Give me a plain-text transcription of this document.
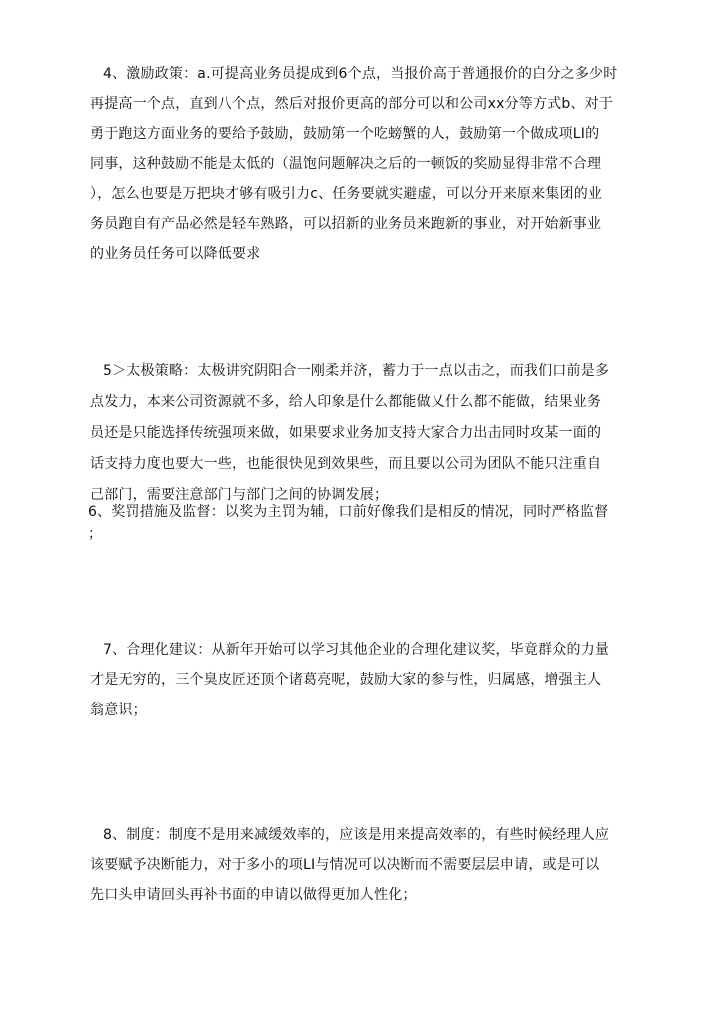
4、激励政策：a.可提高业务员提成到6个点，当报价高于普通报价的白分之多少时
再提高一个点，直到八个点，然后对报价更高的部分可以和公司xx分等方式b、对于
勇于跑这方面业务的要给予鼓励，鼓励第一个吃螃蟹的人，鼓励第一个做成项LI的
同事，这种鼓励不能是太低的（温饱问题解决之后的一顿饭的奖励显得非常不合理
），怎么也要是万把块才够有吸引力c、任务要就实避虚，可以分开来原来集团的业
务员跑自有产品必然是轻车熟路，可以招新的业务员来跑新的事业，对开始新事业
的业务员任务可以降低要求
5＞太极策略：太极讲究阴阳合一刚柔并济，蓄力于一点以击之，而我们口前是多
点发力，本来公司资源就不多，给人印象是什么都能做乂什么都不能做，结果业务
员还是只能选择传统强项来做，如果要求业务加支持大家合力出击同时攻某一面的
话支持力度也要大一些，也能很快见到效果些，而且要以公司为团队不能只注重自
己部门，需要注意部门与部门之间的协调发展；
6、奖罚措施及监督：以奖为主罚为辅，口前好像我们是相反的情况，同时严格监督
；
7、合理化建议：从新年开始可以学习其他企业的合理化建议奖，毕竟群众的力量
才是无穷的，三个臭皮匠还顶个诸葛亮呢，鼓励大家的参与性，归属感，增强主人
翁意识；
8、制度：制度不是用来减缓效率的，应该是用来提高效率的，有些时候经理人应
该要赋予决断能力，对于多小的项LI与情况可以决断而不需要层层申请，或是可以
先口头申请回头再补书面的申请以做得更加人性化；
